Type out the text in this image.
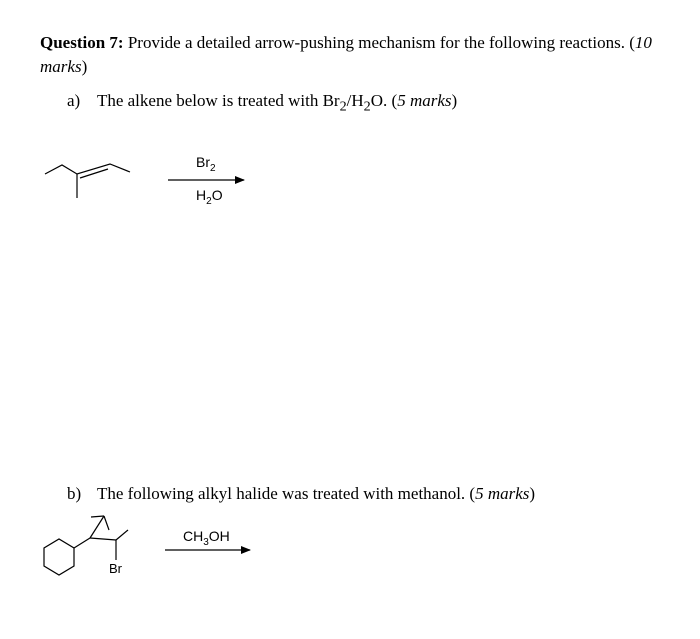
Question 7: Provide a detailed arrow-pushing mechanism for the following reactions. (10 marks)
a) The alkene below is treated with $Br_2/H_2O$. (5 marks)
b) The following alkyl halide was treated with methanol. (5 marks)
$Br_2$
$H_2O$
Br
$CH_3OH$
